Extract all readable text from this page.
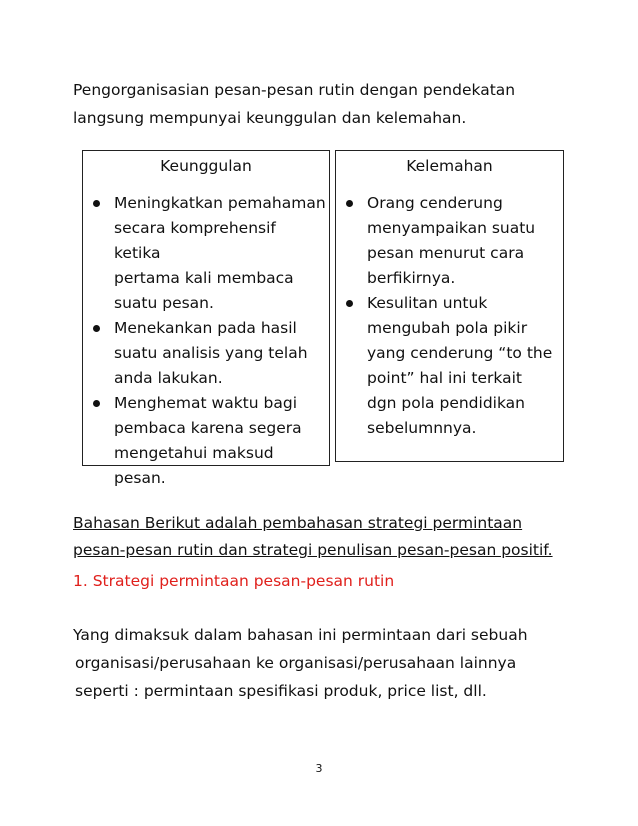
Pengorganisasian pesan-pesan rutin dengan pendekatan
langsung mempunyai keunggulan dan kelemahan.

Keunggulan

Meningkatkan pemahaman
secara komprehensif ketika
pertama kali membaca
suatu pesan.
Menekankan pada hasil
suatu analisis yang telah
anda lakukan.
Menghemat waktu bagi
pembaca karena segera
mengetahui maksud pesan.

Kelemahan

Orang cenderung
menyampaikan suatu
pesan menurut cara
berfikirnya.
Kesulitan untuk
mengubah pola pikir
yang cenderung “to the
point” hal ini terkait
dgn pola pendidikan
sebelumnnya.

Bahasan Berikut adalah pembahasan strategi permintaan
pesan-pesan rutin dan strategi penulisan pesan-pesan positif.

1. Strategi permintaan pesan-pesan rutin

Yang dimaksuk dalam bahasan ini permintaan dari sebuah
organisasi/perusahaan ke organisasi/perusahaan lainnya
seperti : permintaan spesifikasi produk, price list, dll.

3
